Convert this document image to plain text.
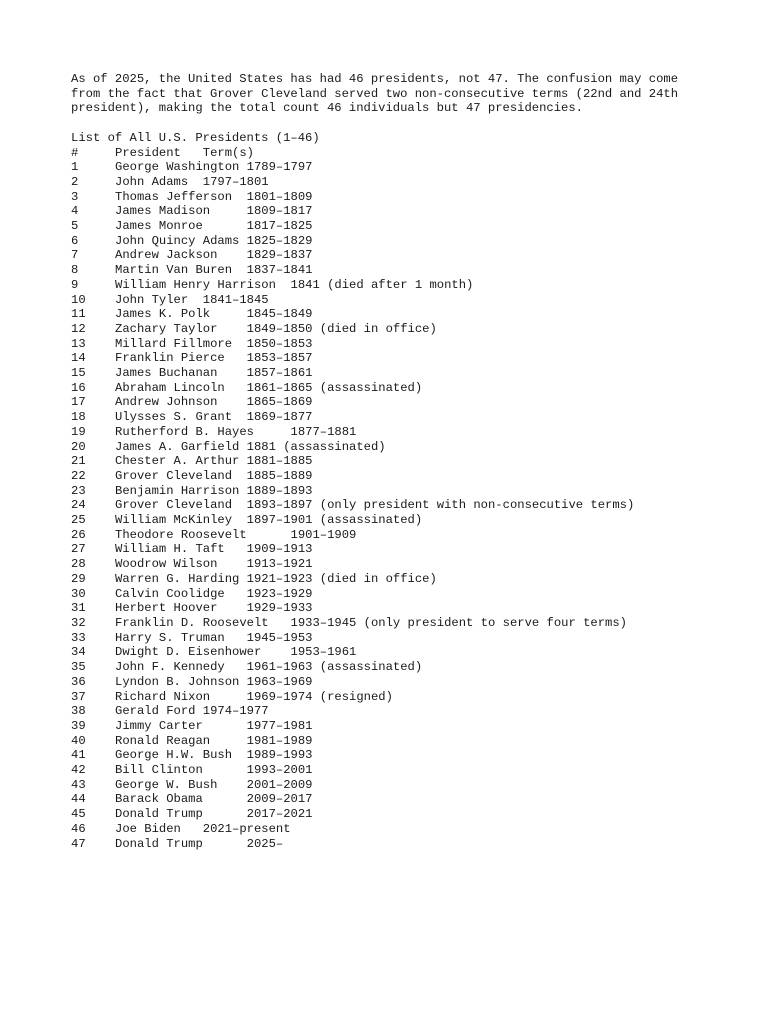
As of 2025, the United States has had 46 presidents, not 47. The confusion may come

from the fact that Grover Cleveland served two non-consecutive terms (22nd and 24th

president), making the total count 46 individuals but 47 presidencies.

List of All U.S. Presidents (1–46)

#	President   Term(s)
1	George Washington 1789–1797
2	John Adams  1797–1801
3	Thomas Jefferson  1801–1809
4	James Madison     1809–1817
5	James Monroe      1817–1825
6	John Quincy Adams 1825–1829
7	Andrew Jackson    1829–1837
8	Martin Van Buren  1837–1841
9	William Henry Harrison  1841 (died after 1 month)
10	John Tyler  1841–1845
11	James K. Polk     1845–1849
12	Zachary Taylor    1849–1850 (died in office)
13	Millard Fillmore  1850–1853
14	Franklin Pierce   1853–1857
15	James Buchanan    1857–1861
16	Abraham Lincoln   1861–1865 (assassinated)
17	Andrew Johnson    1865–1869
18	Ulysses S. Grant  1869–1877
19	Rutherford B. Hayes     1877–1881
20	James A. Garfield 1881 (assassinated)
21	Chester A. Arthur 1881–1885
22	Grover Cleveland  1885–1889
23	Benjamin Harrison 1889–1893
24	Grover Cleveland  1893–1897 (only president with non-consecutive terms)
25	William McKinley  1897–1901 (assassinated)
26	Theodore Roosevelt      1901–1909
27	William H. Taft   1909–1913
28	Woodrow Wilson    1913–1921
29	Warren G. Harding 1921–1923 (died in office)
30	Calvin Coolidge   1923–1929
31	Herbert Hoover    1929–1933
32	Franklin D. Roosevelt   1933–1945 (only president to serve four terms)
33	Harry S. Truman   1945–1953
34	Dwight D. Eisenhower    1953–1961
35	John F. Kennedy   1961–1963 (assassinated)
36	Lyndon B. Johnson 1963–1969
37	Richard Nixon     1969–1974 (resigned)
38	Gerald Ford 1974–1977
39	Jimmy Carter      1977–1981
40	Ronald Reagan     1981–1989
41	George H.W. Bush  1989–1993
42	Bill Clinton      1993–2001
43	George W. Bush    2001–2009
44	Barack Obama      2009–2017
45	Donald Trump      2017–2021
46	Joe Biden   2021–present
47	Donald Trump      2025–
